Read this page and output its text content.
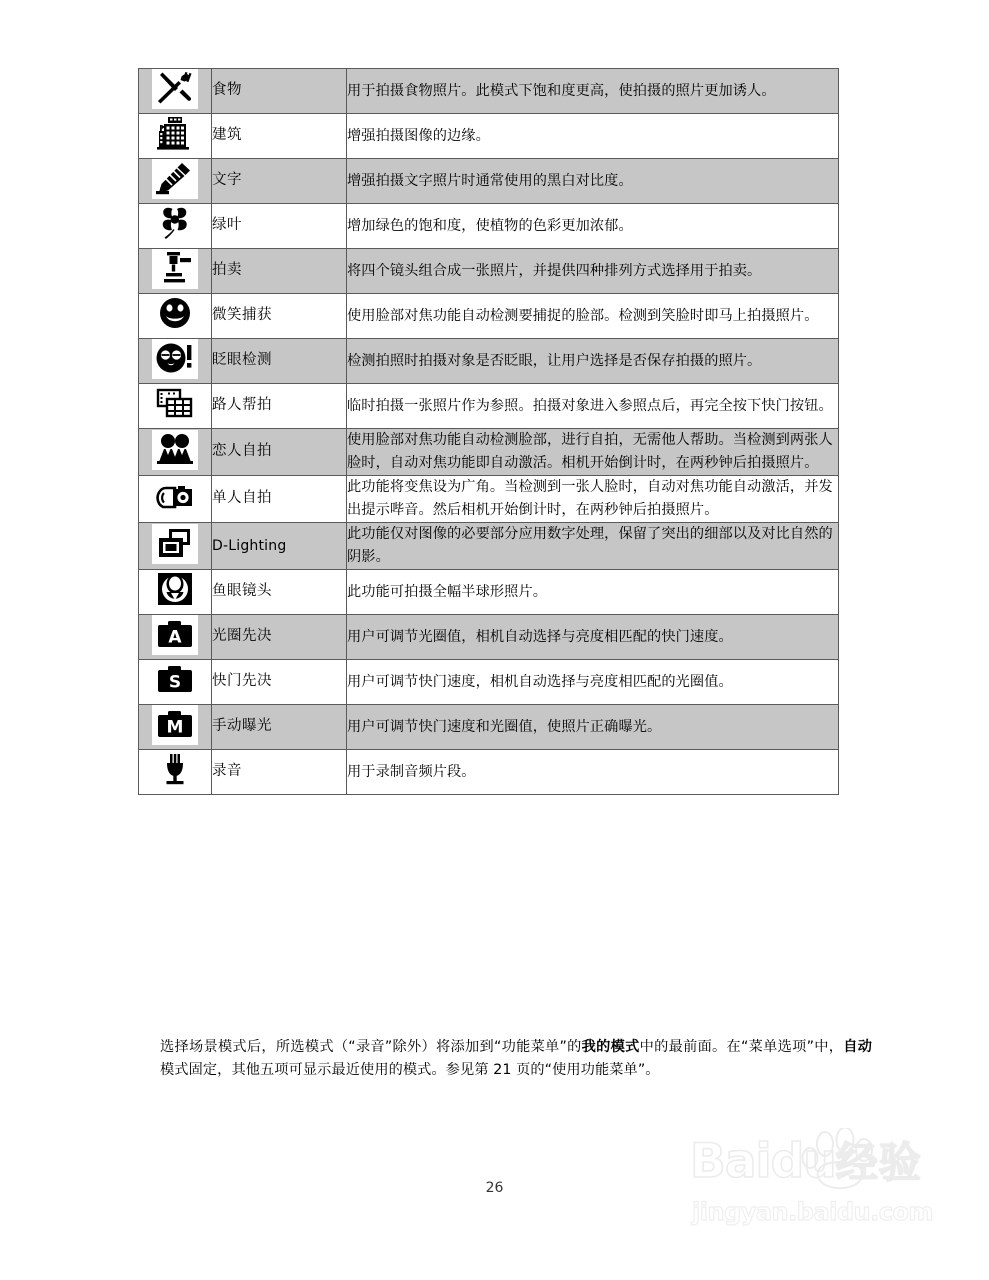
	食物	用于拍摄食物照片。此模式下饱和度更高，使拍摄的照片更加诱人。

	建筑	增强拍摄图像的边缘。

	文字	增强拍摄文字照片时通常使用的黑白对比度。

	绿叶	增加绿色的饱和度，使植物的色彩更加浓郁。

	拍卖	将四个镜头组合成一张照片，并提供四种排列方式选择用于拍卖。

	微笑捕获	使用脸部对焦功能自动检测要捕捉的脸部。检测到笑脸时即马上拍摄照片。

	眨眼检测	检测拍照时拍摄对象是否眨眼，让用户选择是否保存拍摄的照片。

	路人帮拍	临时拍摄一张照片作为参照。拍摄对象进入参照点后，再完全按下快门按钮。

	恋人自拍	使用脸部对焦功能自动检测脸部，进行自拍，无需他人帮助。当检测到两张人脸时，自动对焦功能即自动激活。相机开始倒计时，在两秒钟后拍摄照片。

	单人自拍	此功能将变焦设为广角。当检测到一张人脸时，自动对焦功能自动激活，并发出提示哔音。然后相机开始倒计时，在两秒钟后拍摄照片。

	D-Lighting	此功能仅对图像的必要部分应用数字处理，保留了突出的细部以及对比自然的阴影。

	鱼眼镜头	此功能可拍摄全幅半球形照片。

A	光圈先决	用户可调节光圈值，相机自动选择与亮度相匹配的快门速度。

S	快门先决	用户可调节快门速度，相机自动选择与亮度相匹配的光圈值。

M	手动曝光	用户可调节快门速度和光圈值，使照片正确曝光。

	录音	用于录制音频片段。
选择场景模式后，所选模式（“录音”除外）将添加到“功能菜单”的我的模式中的最前面。在“菜单选项”中，自动模式固定，其他五项可显示最近使用的模式。参见第 21 页的“使用功能菜单”。
26	Baidu经验
jingyan.baidu.com
